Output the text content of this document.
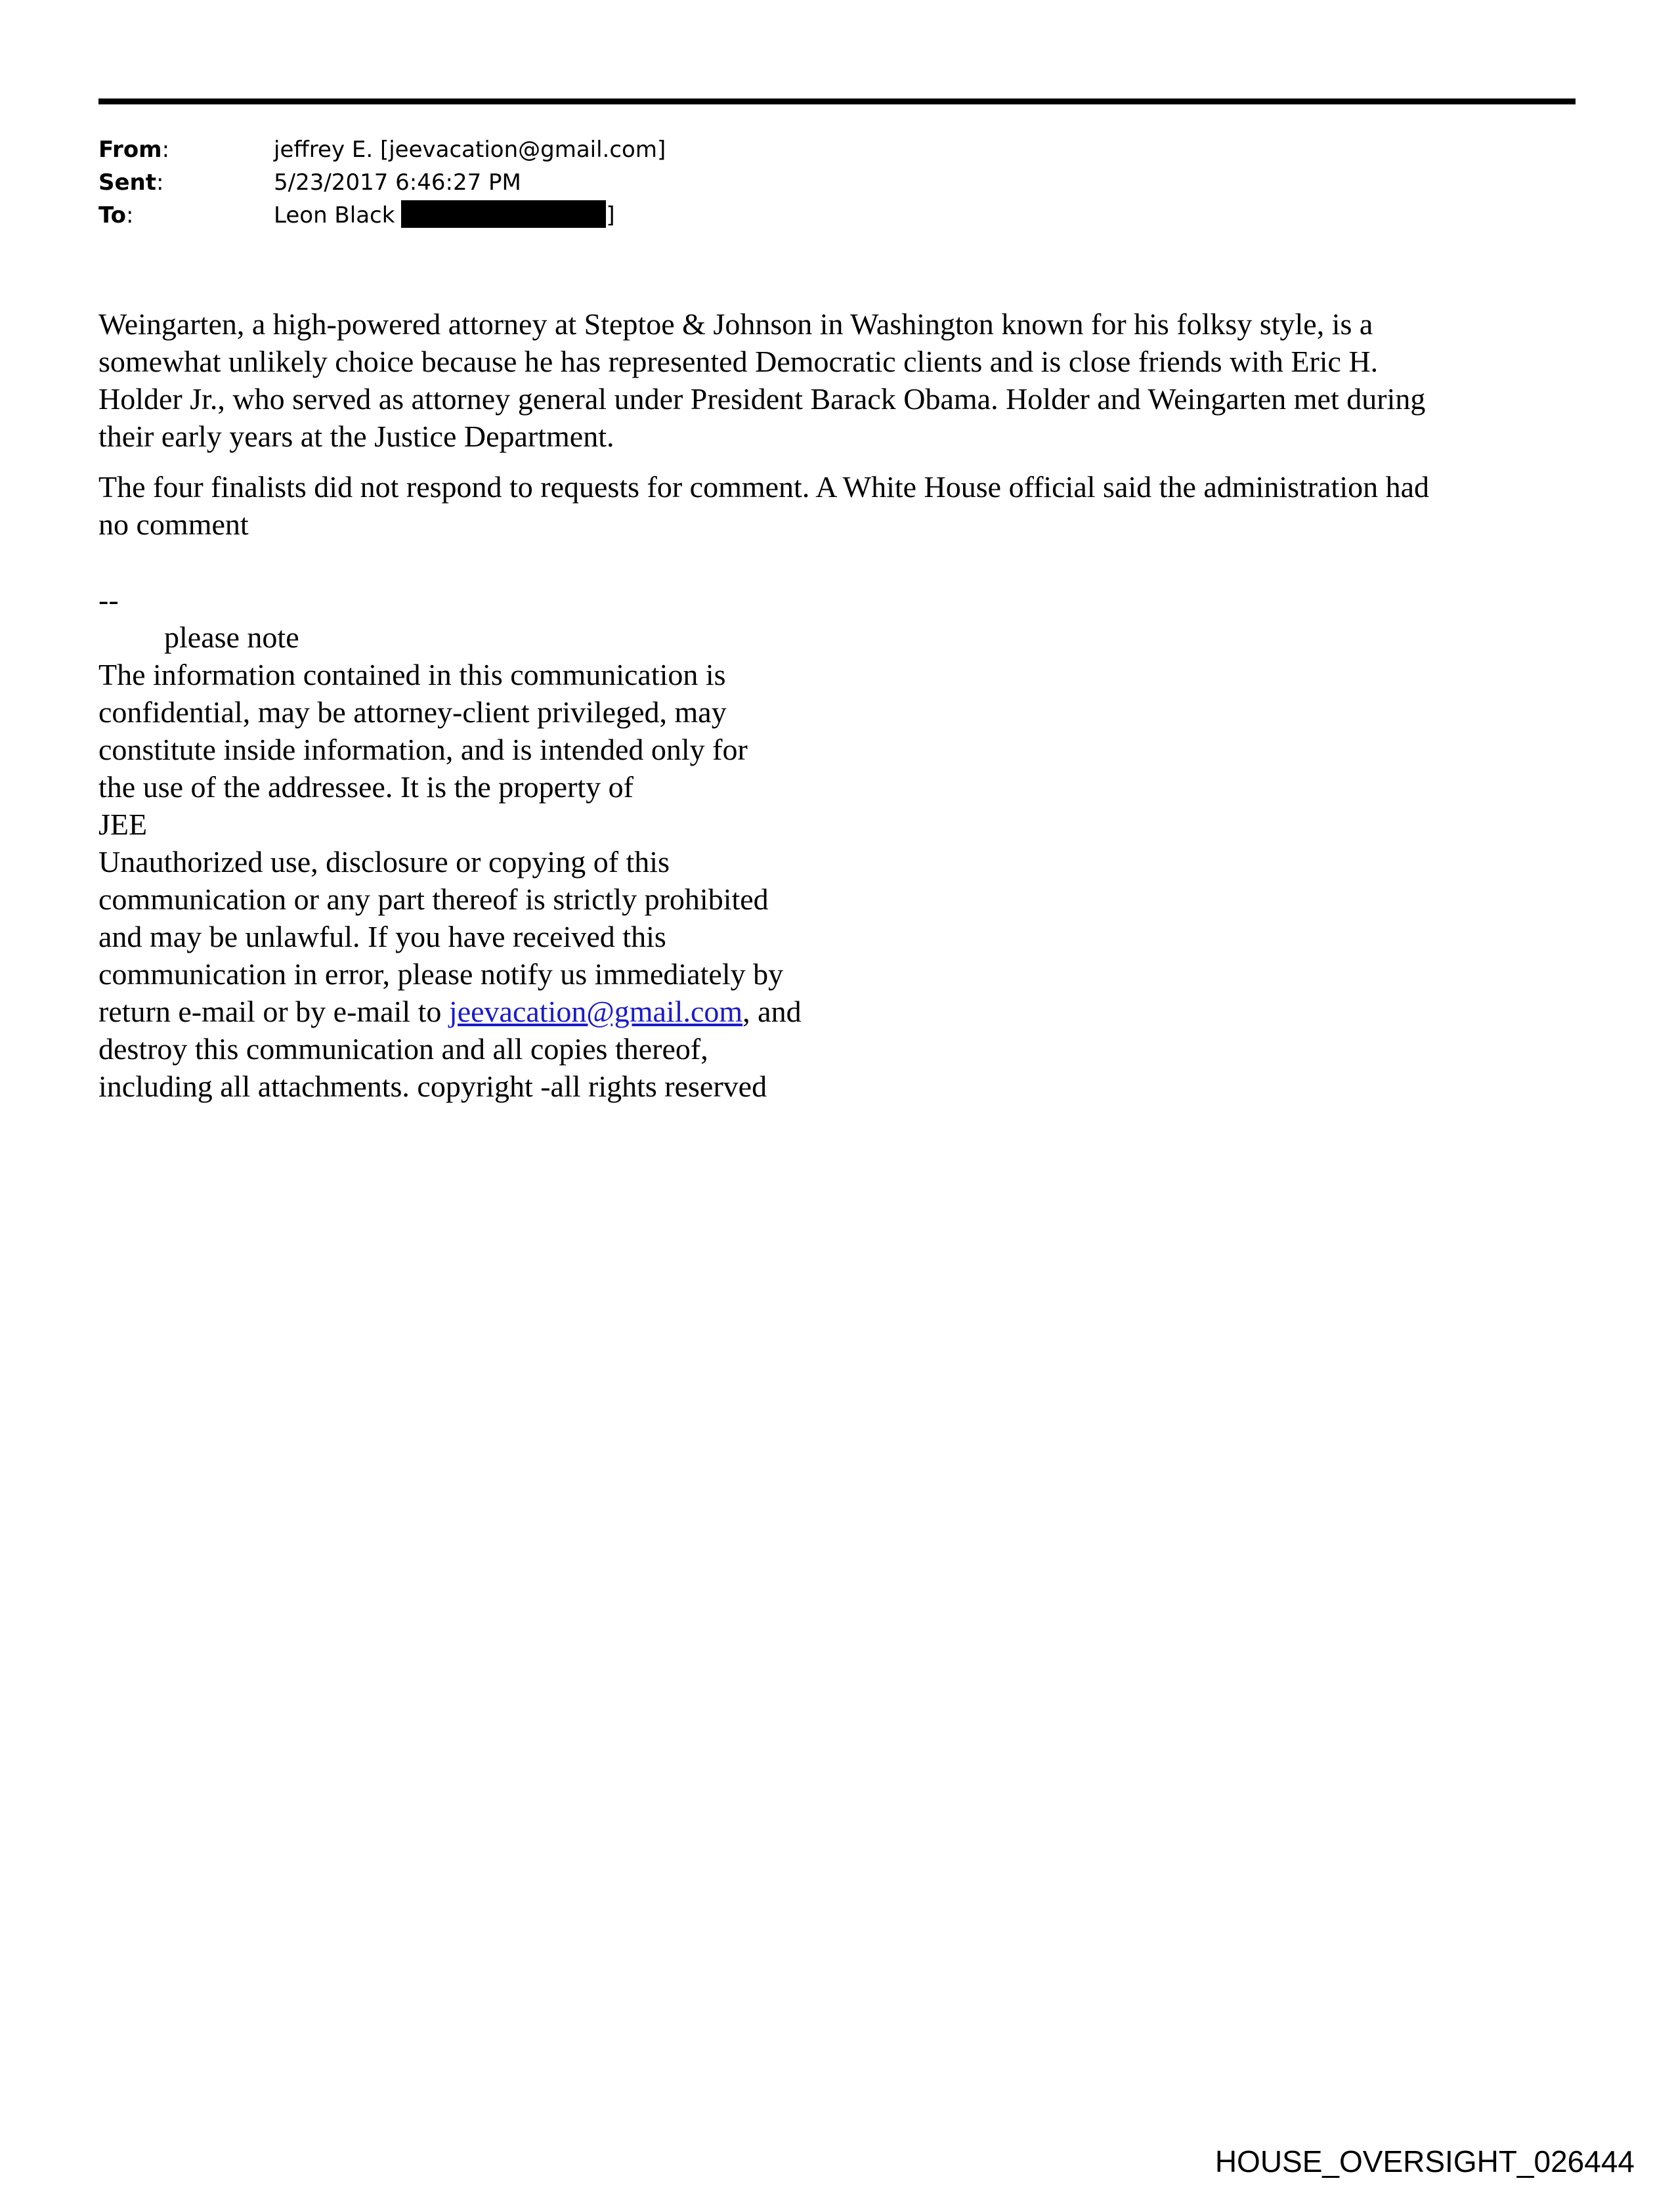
From:	jeffrey E. [jeevacation@gmail.com]
Sent:	5/23/2017 6:46:27 PM
To:	Leon Black	]
Weingarten, a high-powered attorney at Steptoe & Johnson in Washington known for his folksy style, is a
somewhat unlikely choice because he has represented Democratic clients and is close friends with Eric H.
Holder Jr., who served as attorney general under President Barack Obama. Holder and Weingarten met during
their early years at the Justice Department.
The four finalists did not respond to requests for comment. A White House official said the administration had
no comment
--
please note
The information contained in this communication is
confidential, may be attorney-client privileged, may
constitute inside information, and is intended only for
the use of the addressee. It is the property of
JEE
Unauthorized use, disclosure or copying of this
communication or any part thereof is strictly prohibited
and may be unlawful. If you have received this
communication in error, please notify us immediately by
return e-mail or by e-mail to jeevacation@gmail.com, and
destroy this communication and all copies thereof,
including all attachments. copyright -all rights reserved
HOUSE_OVERSIGHT_026444
